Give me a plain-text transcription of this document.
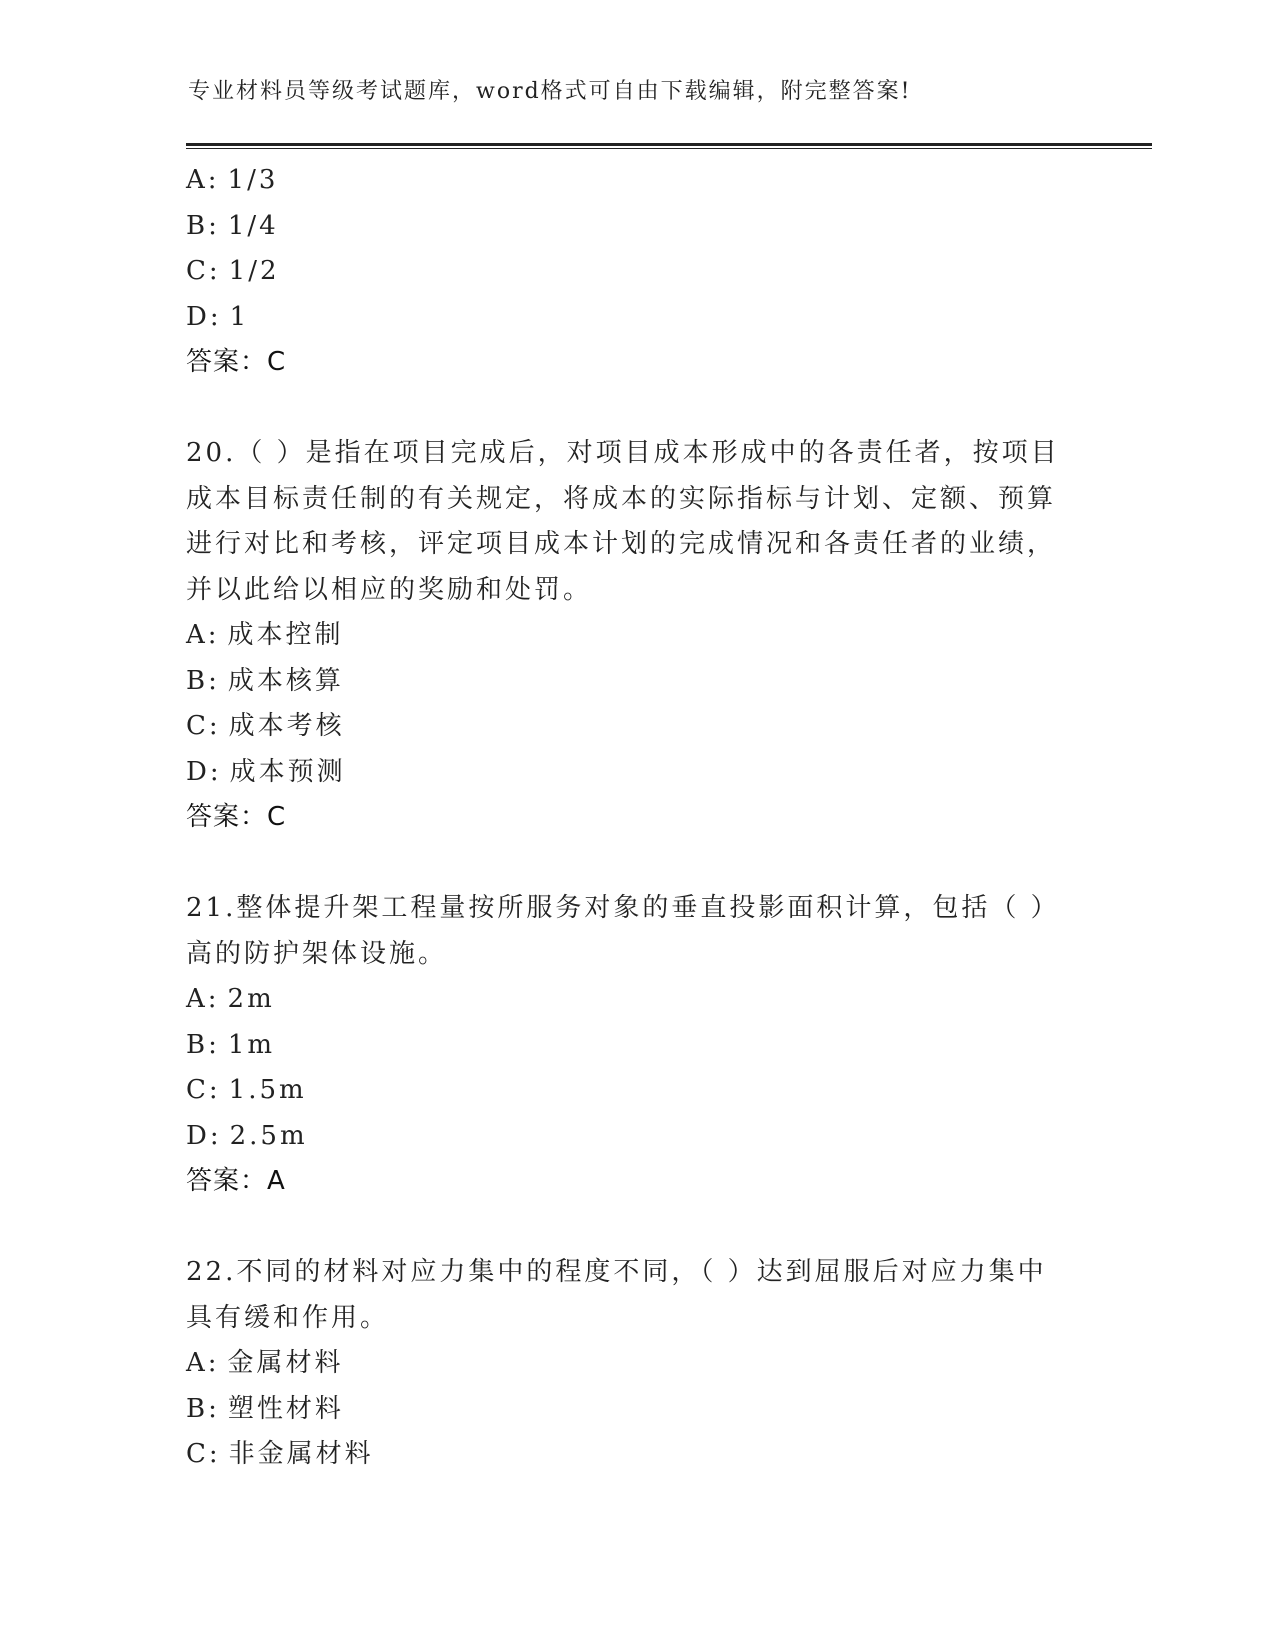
专业材料员等级考试题库，word格式可自由下载编辑，附完整答案!
A: 1/3
B: 1/4
C: 1/2
D: 1
答案：C
20.（ ）是指在项目完成后，对项目成本形成中的各责任者，按项目
成本目标责任制的有关规定，将成本的实际指标与计划、定额、预算
进行对比和考核，评定项目成本计划的完成情况和各责任者的业绩，
并以此给以相应的奖励和处罚。
A: 成本控制
B: 成本核算
C: 成本考核
D: 成本预测
答案：C
21.整体提升架工程量按所服务对象的垂直投影面积计算，包括（ ）
高的防护架体设施。
A: 2m
B: 1m
C: 1.5m
D: 2.5m
答案：A
22.不同的材料对应力集中的程度不同，（ ）达到屈服后对应力集中
具有缓和作用。
A: 金属材料
B: 塑性材料
C: 非金属材料
